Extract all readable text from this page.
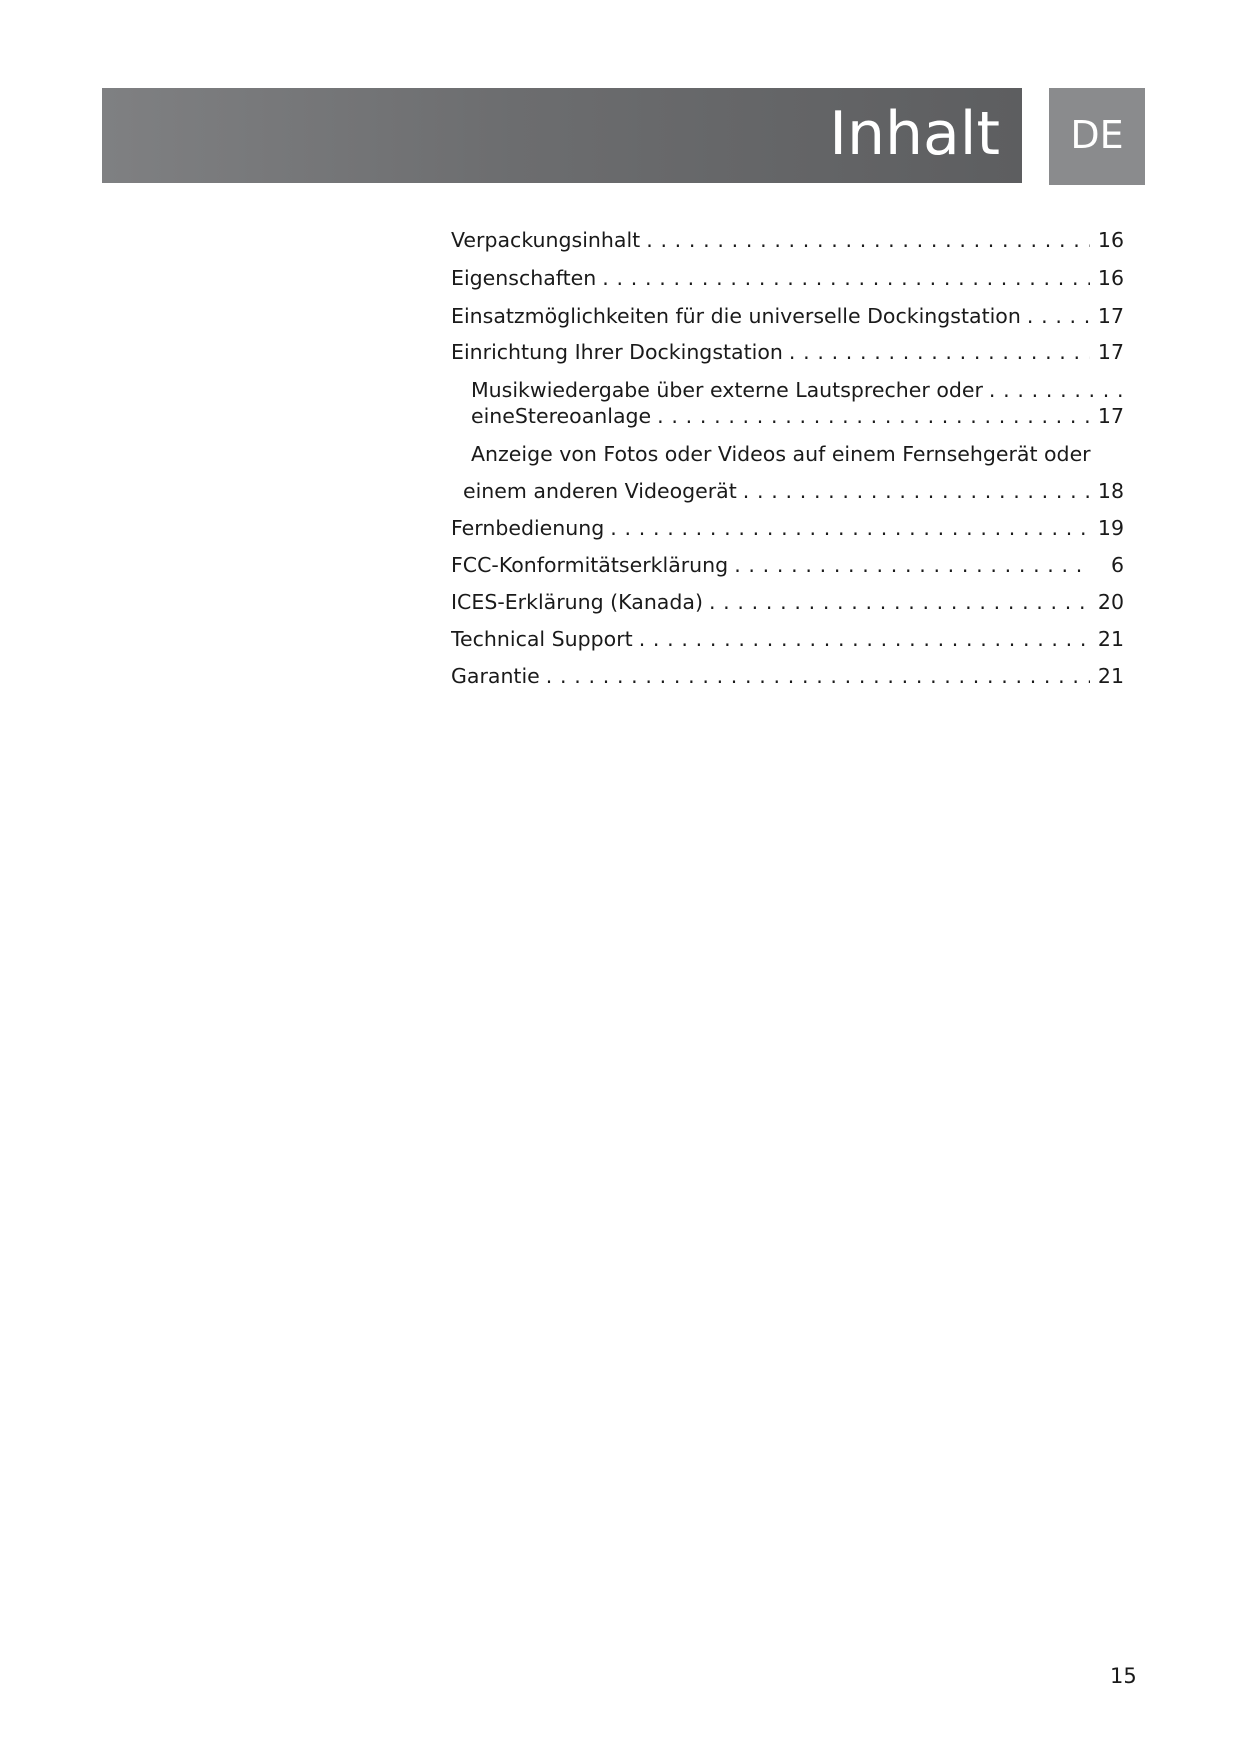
Inhalt	DE
Verpackungsinhalt . . .	16
Eigenschaften . . .	16
Einsatzmöglichkeiten für die universelle Dockingstation . . .	17
Einrichtung Ihrer Dockingstation . . .	17
Musikwiedergabe über externe Lautsprecher oder
. . .
eineStereoanlage . . .	17
Anzeige von Fotos oder Videos auf einem Fernsehgerät oder
einem anderen Videogerät . . .	18
Fernbedienung . . .	19
FCC-Konformitätserklärung . . .	6
ICES-Erklärung (Kanada) . . .	20
Technical Support . . .	21
Garantie . . .	21
15
